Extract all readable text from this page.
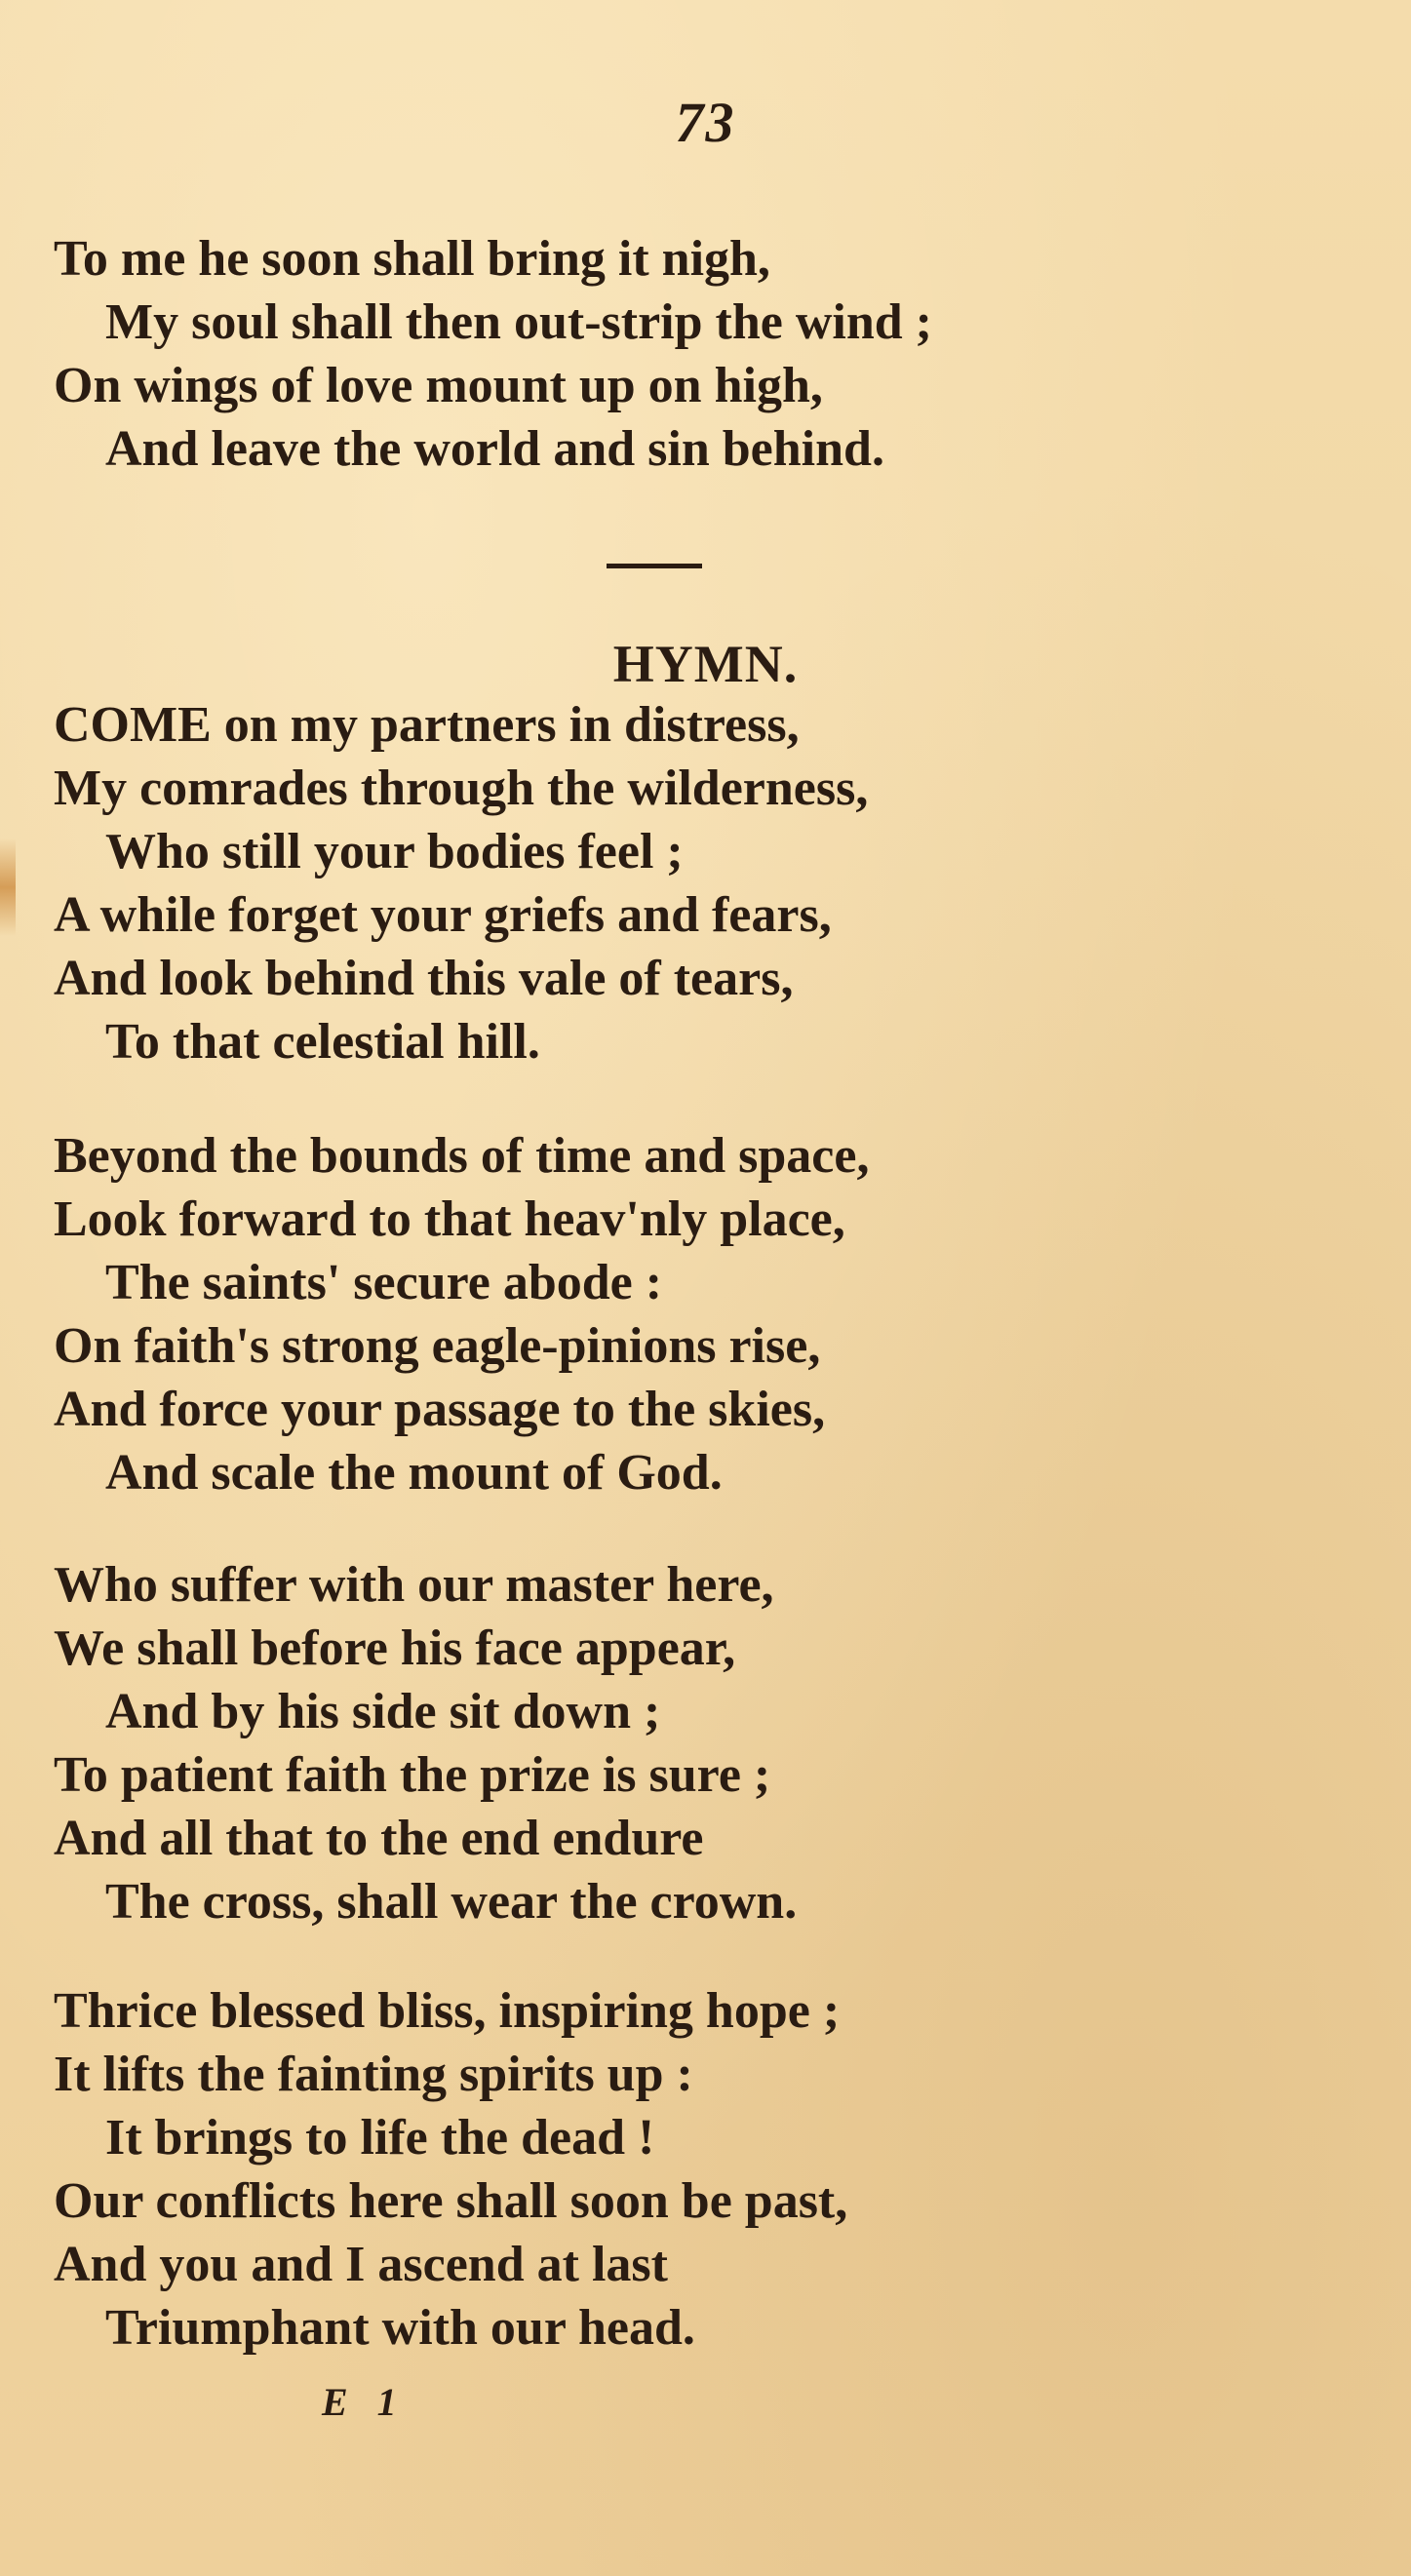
73
To me he soon shall bring it nigh,
My soul shall then out-strip the wind ;
On wings of love mount up on high,
And leave the world and sin behind.
HYMN.
COME on my partners in distress,
My comrades through the wilderness,
Who still your bodies feel ;
A while forget your griefs and fears,
And look behind this vale of tears,
To that celestial hill.
Beyond the bounds of time and space,
Look forward to that heav'nly place,
The saints' secure abode :
On faith's strong eagle-pinions rise,
And force your passage to the skies,
And scale the mount of God.
Who suffer with our master here,
We shall before his face appear,
And by his side sit down ;
To patient faith the prize is sure ;
And all that to the end endure
The cross, shall wear the crown.
Thrice blessed bliss, inspiring hope ;
It lifts the fainting spirits up :
It brings to life the dead !
Our conflicts here shall soon be past,
And you and I ascend at last
Triumphant with our head.
E 1
